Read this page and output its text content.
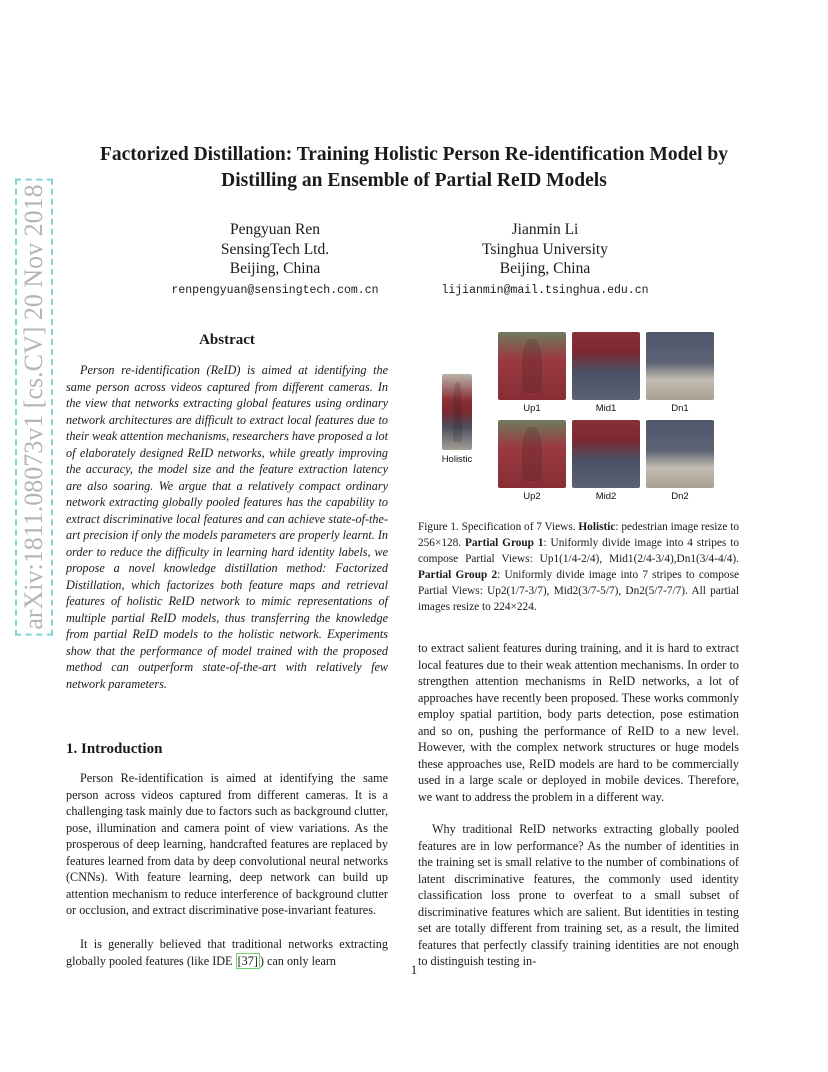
arXiv:1811.08073v1 [cs.CV] 20 Nov 2018
Factorized Distillation: Training Holistic Person Re-identification Model by
Distilling an Ensemble of Partial ReID Models
Pengyuan Ren
SensingTech Ltd.
Beijing, China
renpengyuan@sensingtech.com.cn
Jianmin Li
Tsinghua University
Beijing, China
lijianmin@mail.tsinghua.edu.cn
Abstract

Person re-identification (ReID) is aimed at identifying the same person across videos captured from different cameras. In the view that networks extracting global features using ordinary network architectures are difficult to extract local features due to their weak attention mechanisms, researchers have proposed a lot of elaborately designed ReID networks, while greatly improving the accuracy, the model size and the feature extraction latency are also soaring. We argue that a relatively compact ordinary network extracting globally pooled features has the capability to extract discriminative local features and can achieve state-of-the-art precision if only the models parameters are properly learnt. In order to reduce the difficulty in learning hard identity labels, we propose a novel knowledge distillation method: Factorized Distillation, which factorizes both feature maps and retrieval features of holistic ReID network to mimic representations of multiple partial ReID models, thus transferring the knowledge from partial ReID models to the holistic network. Experiments show that the performance of model trained with the proposed method can outperform state-of-the-art with relatively few network parameters.

1. Introduction

Person Re-identification is aimed at identifying the same person across videos captured from different cameras. It is a challenging task mainly due to factors such as background clutter, pose, illumination and camera point of view variations. As the prosperous of deep learning, handcrafted features are replaced by features learned from data by deep convolutional neural networks (CNNs). With feature learning, deep network can build up attention mechanism to reduce interference of background clutter or occlusion, and extract discriminative pose-invariant features.

It is generally believed that traditional networks extracting globally pooled features (like IDE [37] ) can only learn

Holistic
Up1	Mid1	Dn1
Up2	Mid2	Dn2

Figure 1. Specification of 7 Views. Holistic: pedestrian image resize to 256×128. Partial Group 1: Uniformly divide image into 4 stripes to compose Partial Views: Up1(1/4-2/4), Mid1(2/4-3/4),Dn1(3/4-4/4). Partial Group 2: Uniformly divide image into 7 stripes to compose Partial Views: Up2(1/7-3/7), Mid2(3/7-5/7), Dn2(5/7-7/7). All partial images resize to 224×224.

to extract salient features during training, and it is hard to extract local features due to their weak attention mechanisms. In order to strengthen attention mechanisms in ReID networks, a lot of approaches have recently been proposed. These works commonly employ spatial partition, body parts detection, pose estimation and so on, pushing the performance of ReID to a new level. However, with the complex network structures or huge models these approaches use, ReID models are hard to be commercially used in a large scale or deployed in mobile devices. Therefore, we want to address the problem in a different way.

Why traditional ReID networks extracting globally pooled features are in low performance? As the number of identities in the training set is small relative to the number of combinations of latent discriminative features, the commonly used identity classification loss prone to overfeat to a small subset of discriminative features which are salient. But identities in testing set are totally different from training set, as a result, the limited features that perfectly classify training identities are not enough to distinguish testing in-

1
